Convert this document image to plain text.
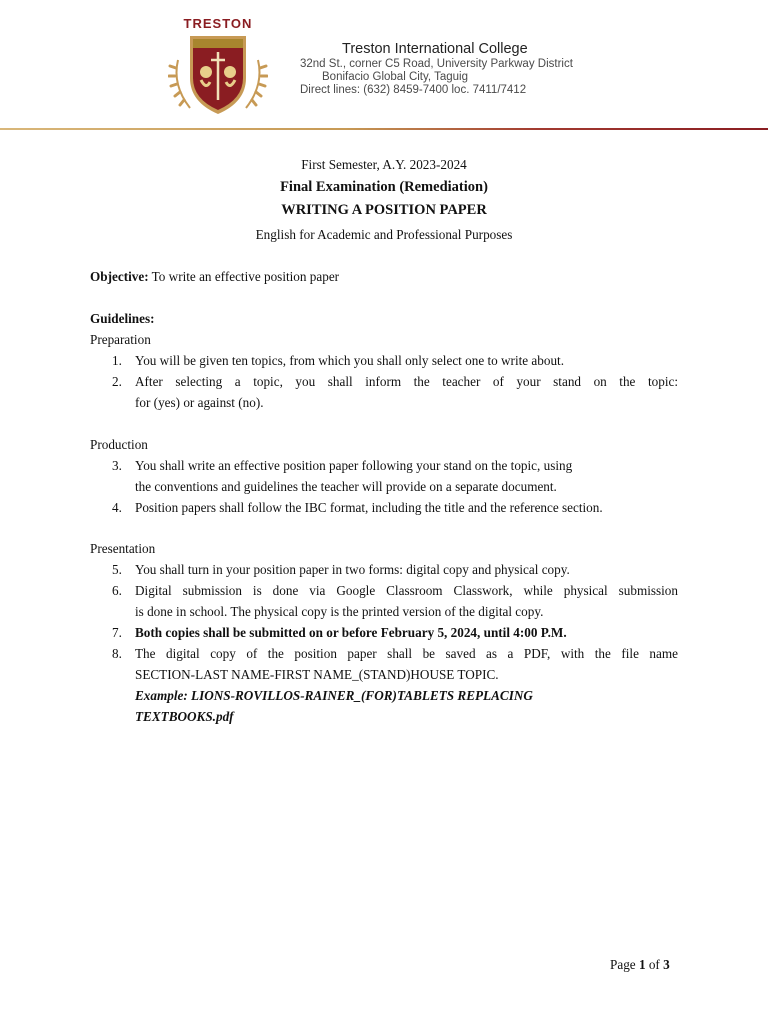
TRESTON
Treston International College
32nd St., corner C5 Road, University Parkway District
Bonifacio Global City, Taguig
Direct lines: (632) 8459-7400 loc. 7411/7412
First Semester, A.Y. 2023-2024
Final Examination (Remediation)
WRITING A POSITION PAPER
English for Academic and Professional Purposes
Objective: To write an effective position paper
Guidelines:
Preparation
1. You will be given ten topics, from which you shall only select one to write about.
2. After selecting a topic, you shall inform the teacher of your stand on the topic:
for (yes) or against (no).
Production
3. You shall write an effective position paper following your stand on the topic, using
the conventions and guidelines the teacher will provide on a separate document.
4. Position papers shall follow the IBC format, including the title and the reference section.
Presentation
5. You shall turn in your position paper in two forms: digital copy and physical copy.
6. Digital submission is done via Google Classroom Classwork, while physical submission
is done in school. The physical copy is the printed version of the digital copy.
7. Both copies shall be submitted on or before February 5, 2024, until 4:00 P.M.
8. The digital copy of the position paper shall be saved as a PDF, with the file name
SECTION-LAST NAME-FIRST NAME_(STAND)HOUSE TOPIC.
Example: LIONS-ROVILLOS-RAINER_(FOR)TABLETS REPLACING
TEXTBOOKS.pdf
Page 1 of 3
